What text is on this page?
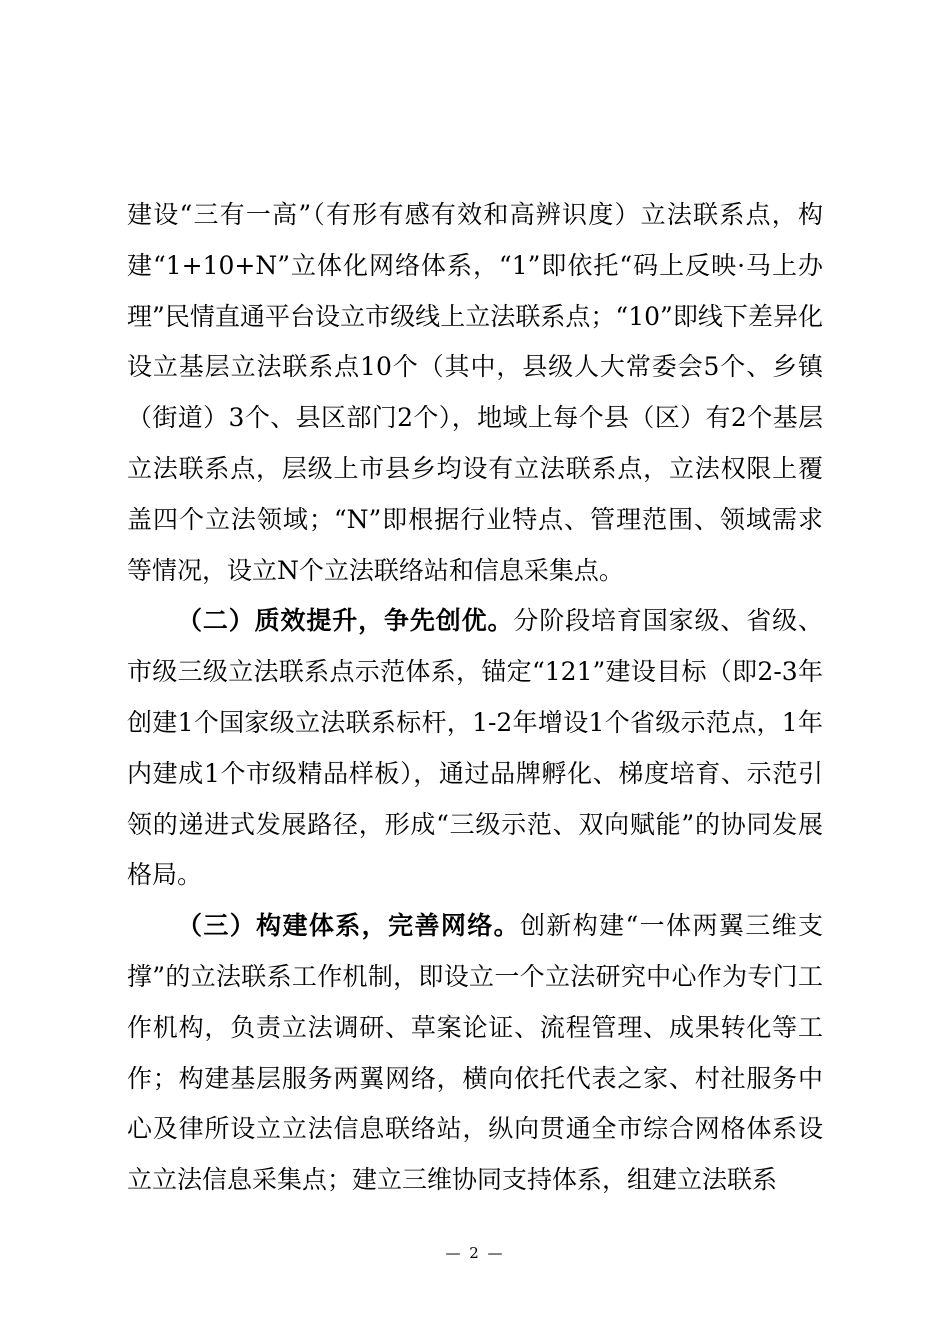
建设“三有一高”（有形有感有效和高辨识度）立法联系点，构建“1+10+N”立体化网络体系，“1”即依托“码上反映·马上办理”民情直通平台设立市级线上立法联系点；“10”即线下差异化设立基层立法联系点10个（其中，县级人大常委会5个、乡镇（街道）3个、县区部门2个），地域上每个县（区）有2个基层立法联系点，层级上市县乡均设有立法联系点，立法权限上覆盖四个立法领域；“N”即根据行业特点、管理范围、领域需求等情况，设立N个立法联络站和信息采集点。

（二）质效提升，争先创优。分阶段培育国家级、省级、市级三级立法联系点示范体系，锚定“121”建设目标（即2-3年创建1个国家级立法联系标杆，1-2年增设1个省级示范点，1年内建成1个市级精品样板），通过品牌孵化、梯度培育、示范引领的递进式发展路径，形成“三级示范、双向赋能”的协同发展格局。

（三）构建体系，完善网络。创新构建“一体两翼三维支撑”的立法联系工作机制，即设立一个立法研究中心作为专门工作机构，负责立法调研、草案论证、流程管理、成果转化等工作；构建基层服务两翼网络，横向依托代表之家、村社服务中心及律所设立立法信息联络站，纵向贯通全市综合网格体系设立立法信息采集点；建立三维协同支持体系，组建立法联系

— 2 —
